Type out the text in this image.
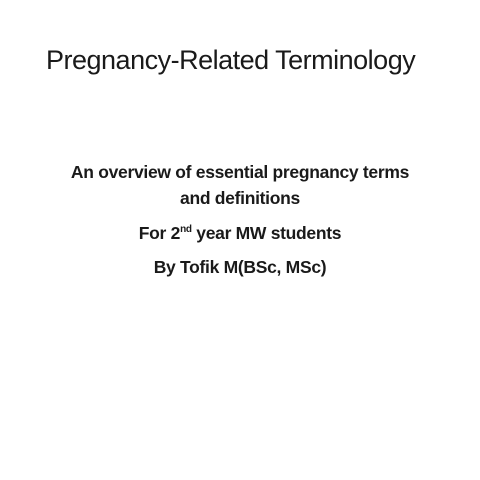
Pregnancy-Related Terminology
An overview of essential pregnancy terms
and definitions
For 2nd year MW students
By Tofik M(BSc, MSc)
